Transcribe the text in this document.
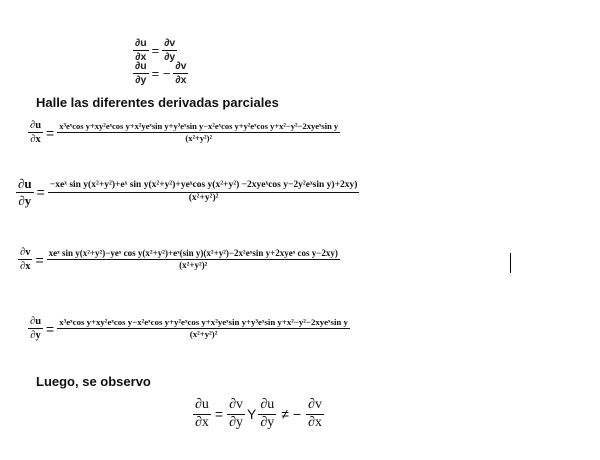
$\frac{\partial u}{\partial x} = \frac{\partial v}{\partial y}$
$\frac{\partial u}{\partial y}$ = − $\frac{\partial v}{\partial x}$
Halle las diferentes derivadas parciales
$\frac{\partial u}{\partial x}$ = x³eˣcos y+xy²eˣcos y+x²yeˣsin y+y³eˣsin y−x²eˣcos y+y²eˣcos y+x²−y²−2xyeˣsin y
(x²+y²)²
$\frac{\partial u}{\partial y}$ = −xeˣ sin y(x²+y²)+eˣ sin y(x²+y²)+yeˣcos y(x²+y²) −2xyeˣcos y−2y²eˣsin y)+2xy)
(x²+y²)²
$\frac{\partial v}{\partial x}$ = xeˣ sin y(x²+y²)−yeˣ cos y(x²+y²)+eˣ(sin y)(x²+y²)−2x²eˣsin y+2xyeˣ cos y−2xy)
(x²+y²)²
$\frac{\partial u}{\partial y}$ = x³eˣcos y+xy²eˣcos y−x²eˣcos y+y²eˣcos y+x²yeˣsin y+y³eˣsin y+x²−y²−2xyeˣsin y
(x²+y²)²
Luego, se observo
$\frac{\partial u}{\partial x} = \frac{\partial v}{\partial y}$ Y $\frac{\partial u}{\partial y}$ ≠ − $\frac{\partial v}{\partial x}$
